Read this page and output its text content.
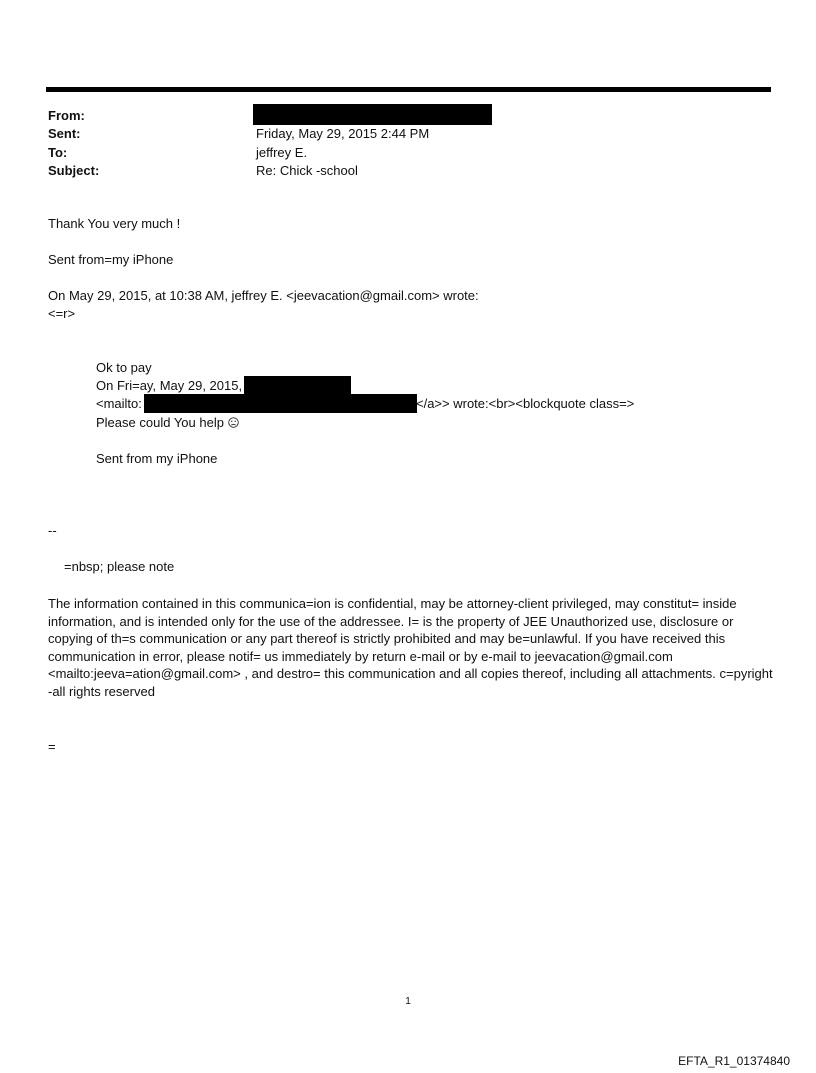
From:
Sent:	Friday, May 29, 2015 2:44 PM
To:	jeffrey E.
Subject:	Re: Chick -school
Thank You very much !
Sent from=my iPhone
On May 29, 2015, at 10:38 AM, jeffrey E. <jeevacation@gmail.com> wrote:
<=r>
Ok to pay
On Fri=ay, May 29, 2015,
<mailto:	</a>> wrote:<br><blockquote class=>
Please could You help
Sent from my iPhone
--
=nbsp; please note
The information contained in this communica=ion is confidential, may be attorney-client privileged, may constitut= inside information, and is intended only for the use of the addressee. I= is the property of JEE Unauthorized use, disclosure or copying of th=s communication or any part thereof is strictly prohibited and may be=unlawful. If you have received this communication in error, please notif= us immediately by return e-mail or by e-mail to jeevacation@gmail.com <mailto:jeeva=ation@gmail.com> , and destro= this communication and all copies thereof, including all attachments. c=pyright -all rights reserved
=
1
EFTA_R1_01374840
